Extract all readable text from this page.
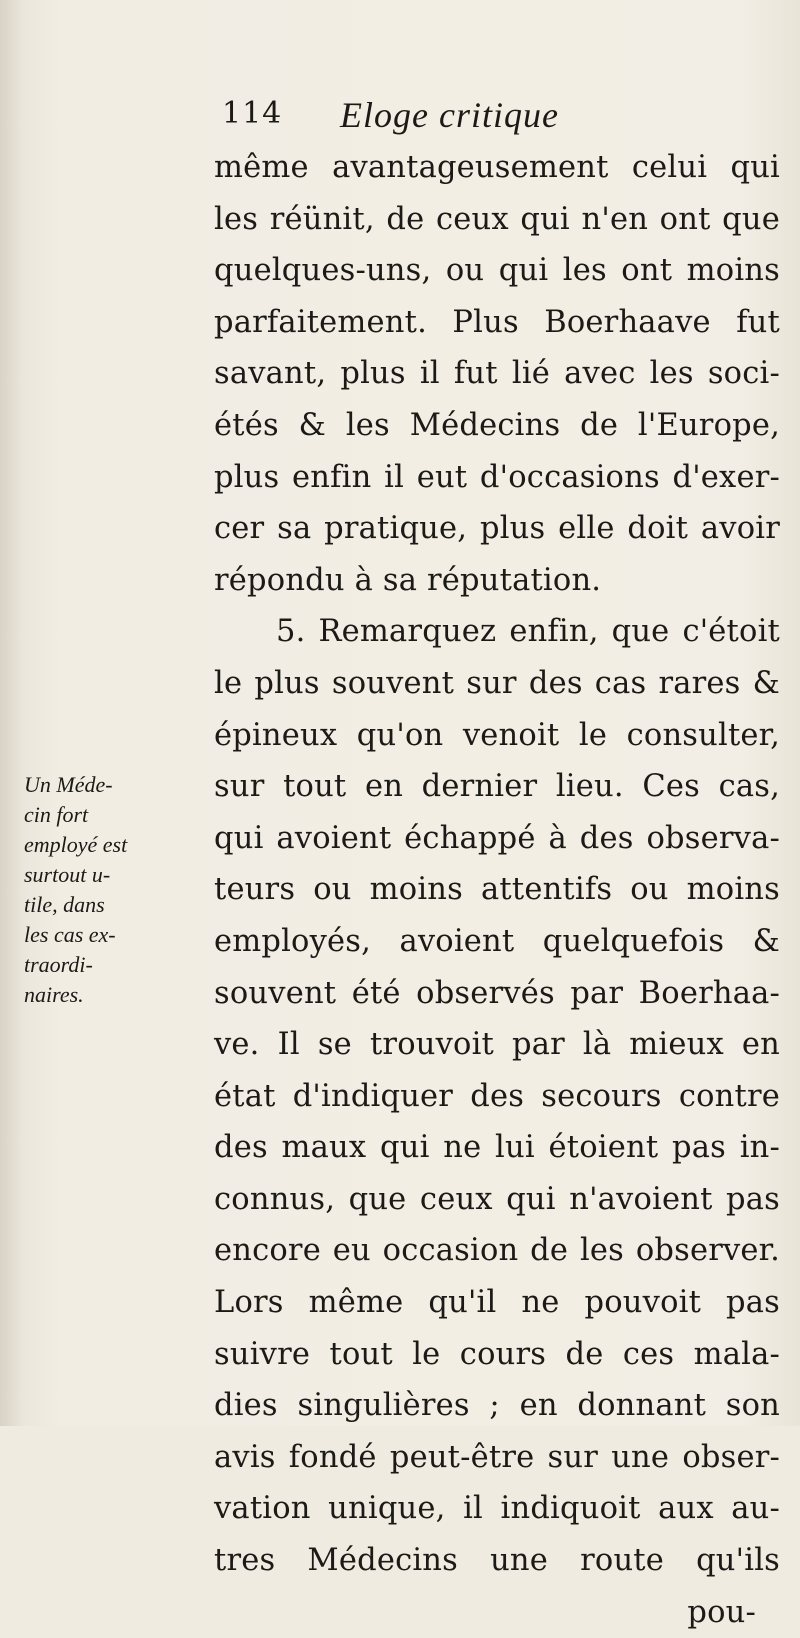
114 Eloge critique
Un Méde-
cin fort
employé est
surtout u-
tile, dans
les cas ex-
traordi-
naires.
même avantageusement celui qui
les réünit, de ceux qui n'en ont que
quelques-uns, ou qui les ont moins
parfaitement. Plus Boerhaave fut
savant, plus il fut lié avec les soci-
étés & les Médecins de l'Europe,
plus enfin il eut d'occasions d'exer-
cer sa pratique, plus elle doit avoir
répondu à sa réputation.
5. Remarquez enfin, que c'étoit
le plus souvent sur des cas rares &
épineux qu'on venoit le consulter,
sur tout en dernier lieu. Ces cas,
qui avoient échappé à des observa-
teurs ou moins attentifs ou moins
employés, avoient quelquefois &
souvent été observés par Boerhaa-
ve. Il se trouvoit par là mieux en
état d'indiquer des secours contre
des maux qui ne lui étoient pas in-
connus, que ceux qui n'avoient pas
encore eu occasion de les observer.
Lors même qu'il ne pouvoit pas
suivre tout le cours de ces mala-
dies singulières ; en donnant son
avis fondé peut-être sur une obser-
vation unique, il indiquoit aux au-
tres Médecins une route qu'ils
pou-
